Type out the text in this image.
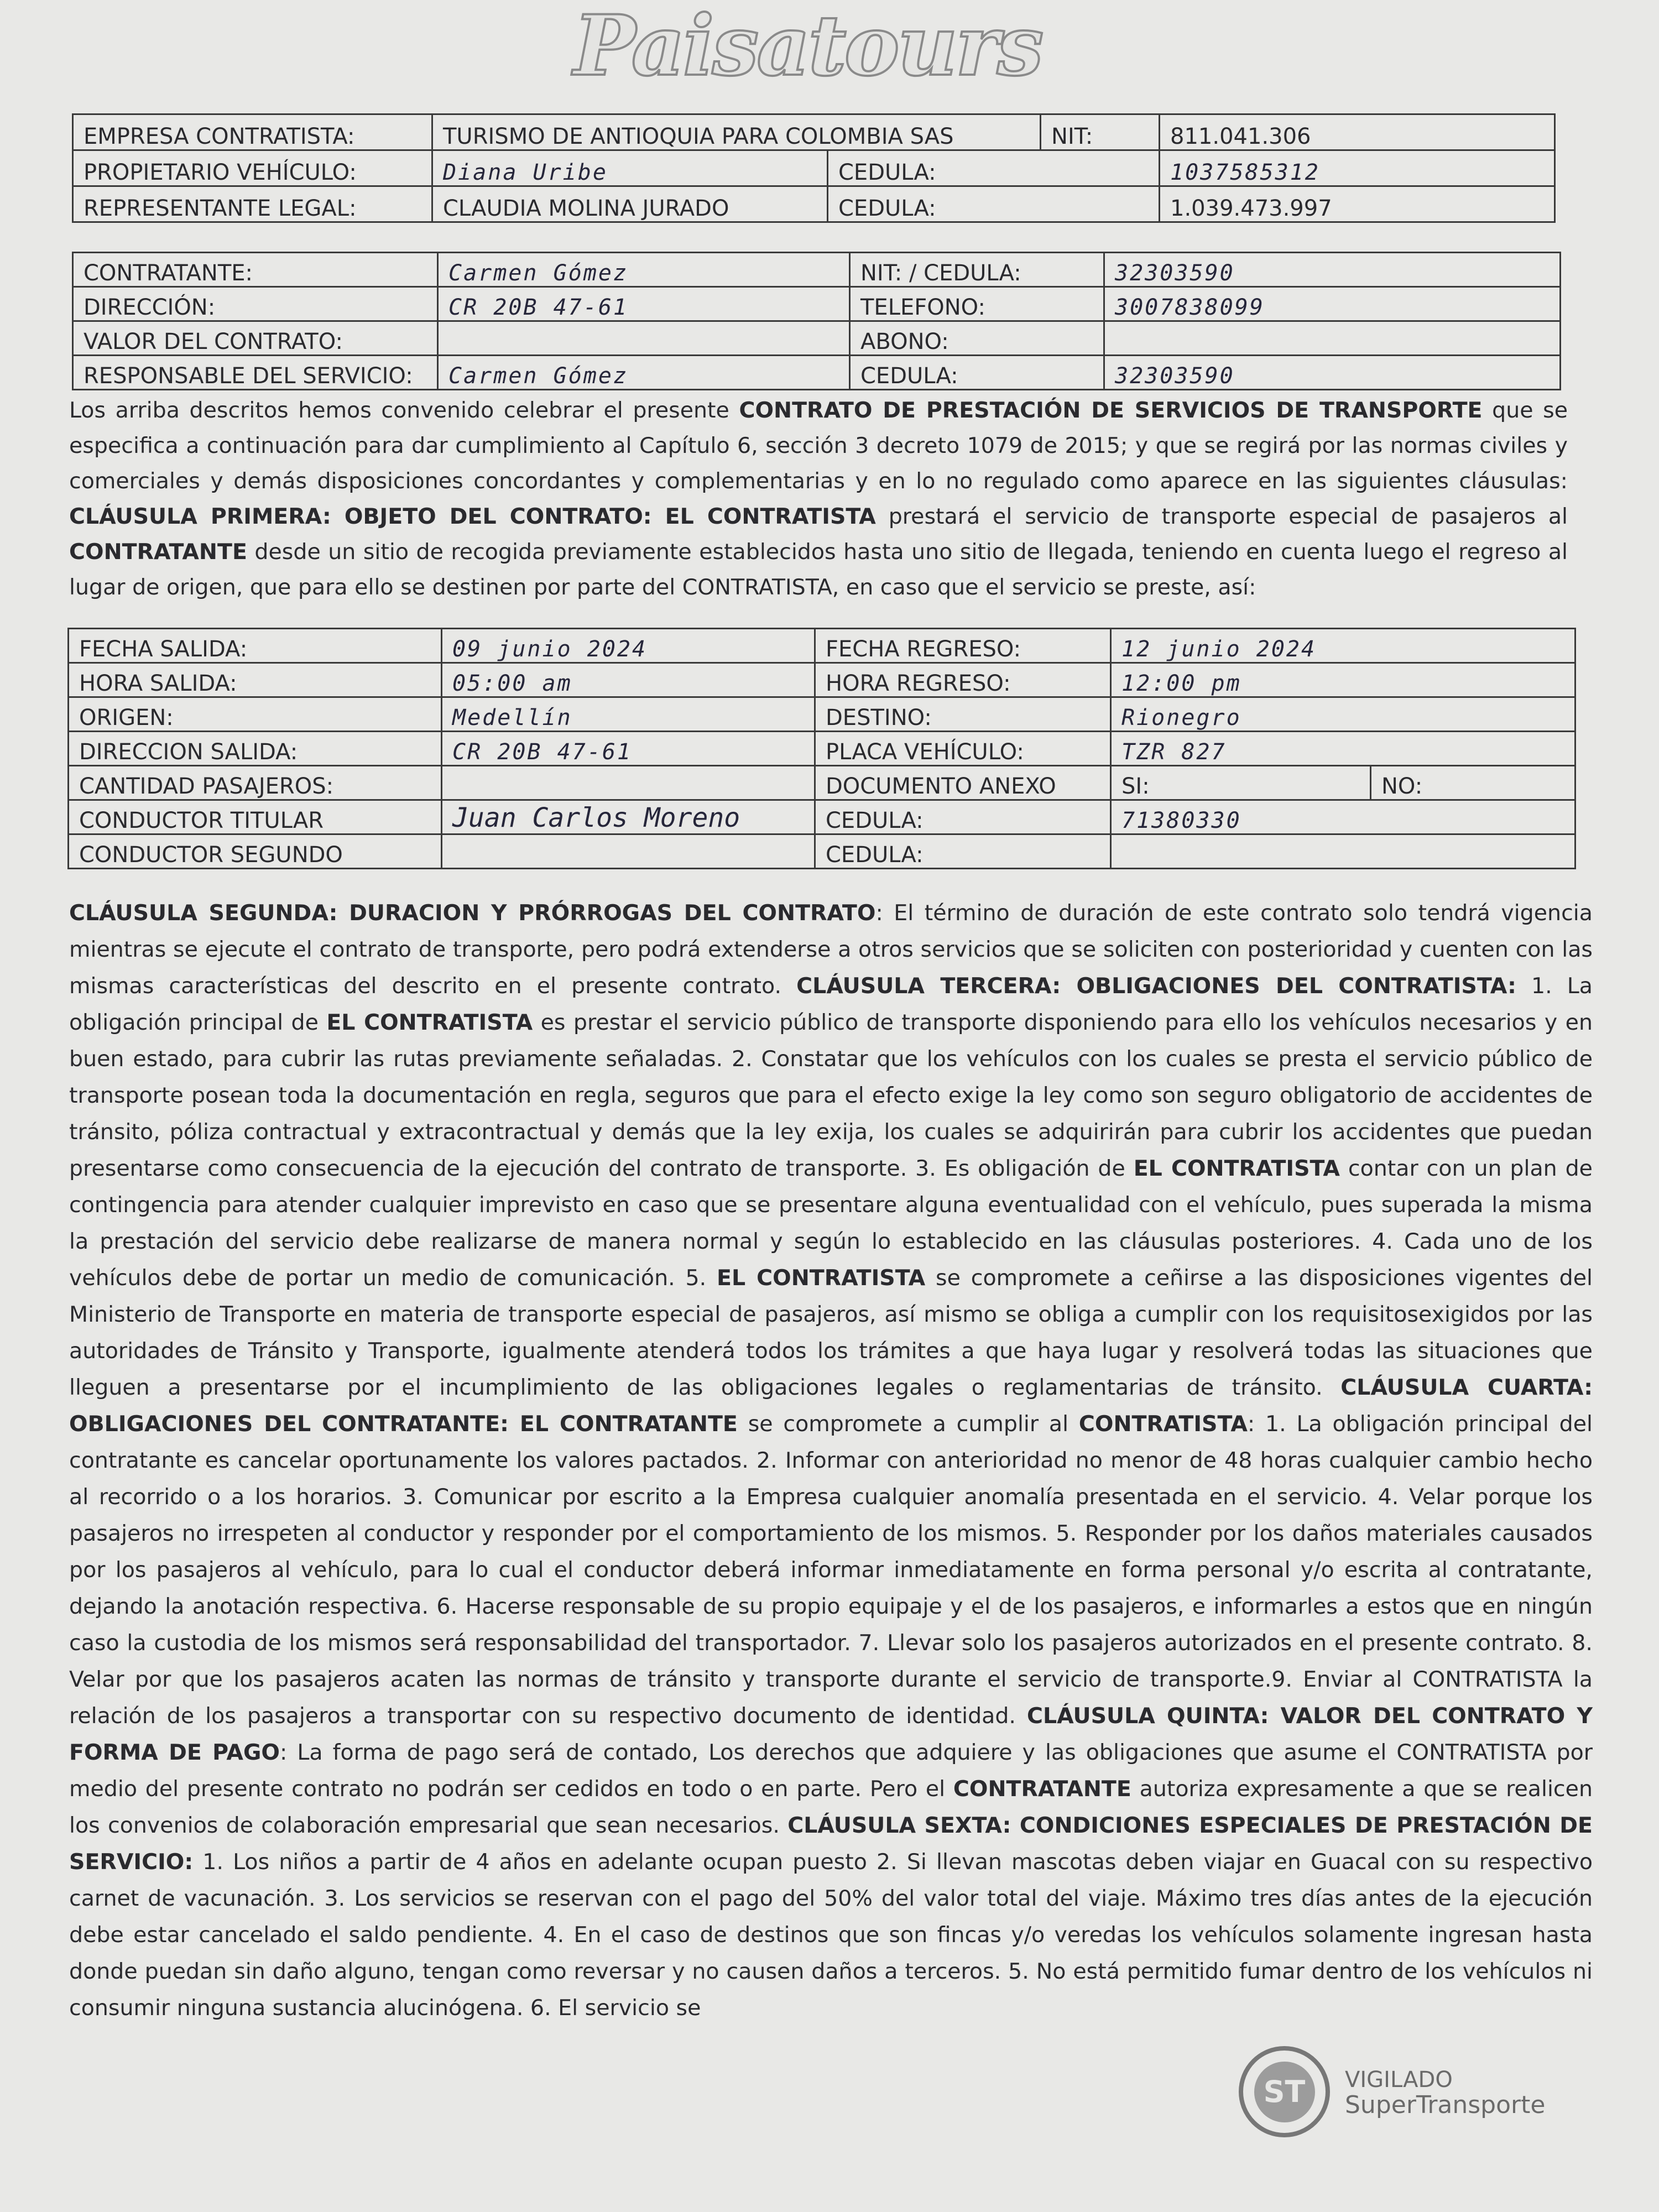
Paisatours
EMPRESA CONTRATISTA:	TURISMO DE ANTIOQUIA PARA COLOMBIA SAS		NIT:	811.041.306
PROPIETARIO VEHÍCULO:	Diana Uribe	CEDULA:		1037585312
REPRESENTANTE LEGAL:	CLAUDIA MOLINA JURADO	CEDULA:		1.039.473.997
CONTRATANTE:	Carmen Gómez	NIT: / CEDULA:	32303590
DIRECCIÓN:	CR 20B 47-61	TELEFONO:	3007838099
VALOR DEL CONTRATO:		ABONO:	
RESPONSABLE DEL SERVICIO:	Carmen Gómez	CEDULA:	32303590

Los arriba descritos hemos convenido celebrar el presente CONTRATO DE PRESTACIÓN DE SERVICIOS DE TRANSPORTE que se especifica a continuación para dar cumplimiento al Capítulo 6, sección 3 decreto 1079 de 2015; y que se regirá por las normas civiles y comerciales y demás disposiciones concordantes y complementarias y en lo no regulado como aparece en las siguientes cláusulas: CLÁUSULA PRIMERA: OBJETO DEL CONTRATO: EL CONTRATISTA prestará el servicio de transporte especial de pasajeros al CONTRATANTE desde un sitio de recogida previamente establecidos hasta uno sitio de llegada, teniendo en cuenta luego el regreso al lugar de origen, que para ello se destinen por parte del CONTRATISTA, en caso que el servicio se preste, así:

FECHA SALIDA:	09 junio 2024	FECHA REGRESO:	12 junio 2024	
HORA SALIDA:	05:00 am	HORA REGRESO:	12:00 pm	
ORIGEN:	Medellín	DESTINO:	Rionegro	
DIRECCION SALIDA:	CR 20B 47-61	PLACA VEHÍCULO:	TZR 827	
CANTIDAD PASAJEROS:		DOCUMENTO ANEXO	SI:	NO:
CONDUCTOR TITULAR	Juan Carlos Moreno	CEDULA:	71380330	
CONDUCTOR SEGUNDO		CEDULA:		

CLÁUSULA SEGUNDA: DURACION Y PRÓRROGAS DEL CONTRATO: El término de duración de este contrato solo tendrá vigencia mientras se ejecute el contrato de transporte, pero podrá extenderse a otros servicios que se soliciten con posterioridad y cuenten con las mismas características del descrito en el presente contrato. CLÁUSULA TERCERA: OBLIGACIONES DEL CONTRATISTA: 1. La obligación principal de EL CONTRATISTA es prestar el servicio público de transporte disponiendo para ello los vehículos necesarios y en buen estado, para cubrir las rutas previamente señaladas. 2. Constatar que los vehículos con los cuales se presta el servicio público de transporte posean toda la documentación en regla, seguros que para el efecto exige la ley como son seguro obligatorio de accidentes de tránsito, póliza contractual y extracontractual y demás que la ley exija, los cuales se adquirirán para cubrir los accidentes que puedan presentarse como consecuencia de la ejecución del contrato de transporte. 3. Es obligación de EL CONTRATISTA contar con un plan de contingencia para atender cualquier imprevisto en caso que se presentare alguna eventualidad con el vehículo, pues superada la misma la prestación del servicio debe realizarse de manera normal y según lo establecido en las cláusulas posteriores. 4. Cada uno de los vehículos debe de portar un medio de comunicación. 5. EL CONTRATISTA se compromete a ceñirse a las disposiciones vigentes del Ministerio de Transporte en materia de transporte especial de pasajeros, así mismo se obliga a cumplir con los requisitosexigidos por las autoridades de Tránsito y Transporte, igualmente atenderá todos los trámites a que haya lugar y resolverá todas las situaciones que lleguen a presentarse por el incumplimiento de las obligaciones legales o reglamentarias de tránsito. CLÁUSULA CUARTA: OBLIGACIONES DEL CONTRATANTE: EL CONTRATANTE se compromete a cumplir al CONTRATISTA: 1. La obligación principal del contratante es cancelar oportunamente los valores pactados. 2. Informar con anterioridad no menor de 48 horas cualquier cambio hecho al recorrido o a los horarios. 3. Comunicar por escrito a la Empresa cualquier anomalía presentada en el servicio. 4. Velar porque los pasajeros no irrespeten al conductor y responder por el comportamiento de los mismos. 5. Responder por los daños materiales causados por los pasajeros al vehículo, para lo cual el conductor deberá informar inmediatamente en forma personal y/o escrita al contratante, dejando la anotación respectiva. 6. Hacerse responsable de su propio equipaje y el de los pasajeros, e informarles a estos que en ningún caso la custodia de los mismos será responsabilidad del transportador. 7. Llevar solo los pasajeros autorizados en el presente contrato. 8. Velar por que los pasajeros acaten las normas de tránsito y transporte durante el servicio de transporte.9. Enviar al CONTRATISTA la relación de los pasajeros a transportar con su respectivo documento de identidad. CLÁUSULA QUINTA: VALOR DEL CONTRATO Y FORMA DE PAGO: La forma de pago será de contado, Los derechos que adquiere y las obligaciones que asume el CONTRATISTA por medio del presente contrato no podrán ser cedidos en todo o en parte. Pero el CONTRATANTE autoriza expresamente a que se realicen los convenios de colaboración empresarial que sean necesarios. CLÁUSULA SEXTA: CONDICIONES ESPECIALES DE PRESTACIÓN DE SERVICIO: 1. Los niños a partir de 4 años en adelante ocupan puesto 2. Si llevan mascotas deben viajar en Guacal con su respectivo carnet de vacunación. 3. Los servicios se reservan con el pago del 50% del valor total del viaje. Máximo tres días antes de la ejecución debe estar cancelado el saldo pendiente. 4. En el caso de destinos que son fincas y/o veredas los vehículos solamente ingresan hasta donde puedan sin daño alguno, tengan como reversar y no causen daños a terceros. 5. No está permitido fumar dentro de los vehículos ni consumir ninguna sustancia alucinógena. 6. El servicio se

ST	VIGILADO
SuperTransporte
